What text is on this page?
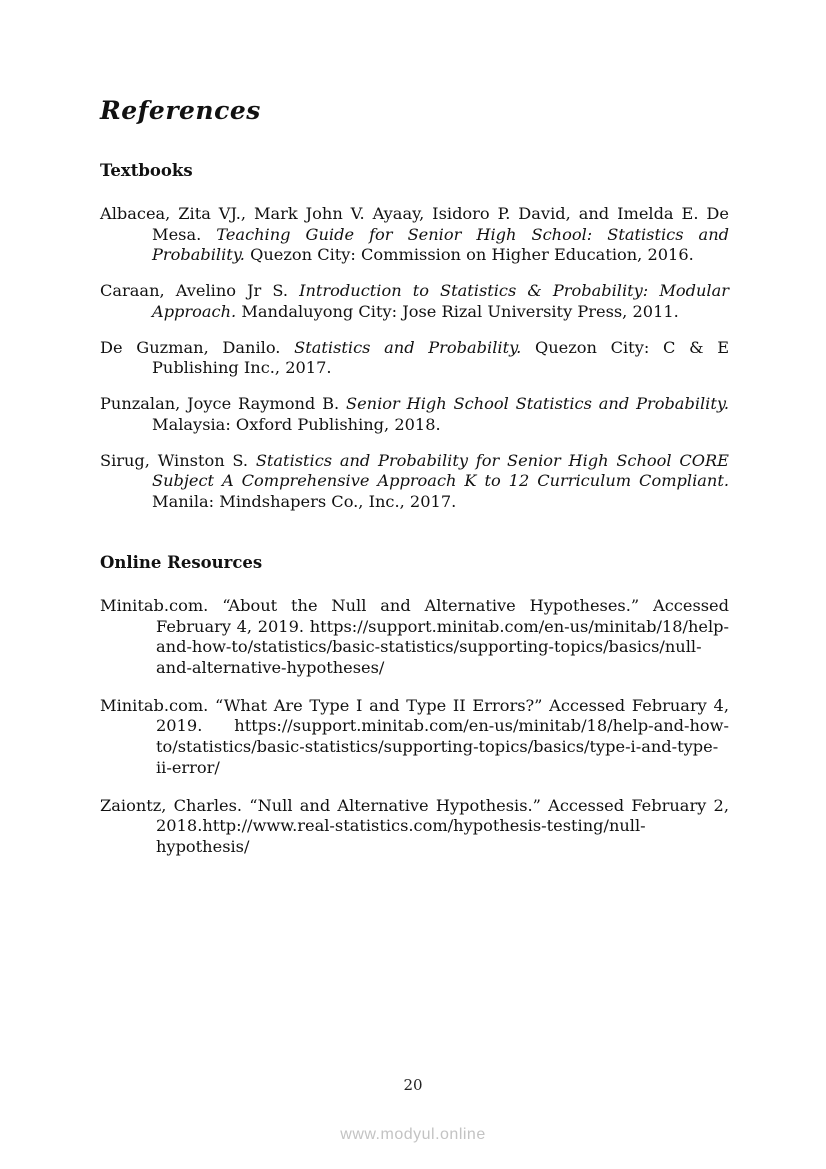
References
Textbooks

Albacea, Zita VJ., Mark John V. Ayaay, Isidoro P. David, and Imelda E. De Mesa. Teaching Guide for Senior High School: Statistics and Probability. Quezon City: Commission on Higher Education, 2016.

Caraan, Avelino Jr S. Introduction to Statistics & Probability: Modular Approach. Mandaluyong City: Jose Rizal University Press, 2011.

De Guzman, Danilo. Statistics and Probability. Quezon City: C & E Publishing Inc., 2017.

Punzalan, Joyce Raymond B. Senior High School Statistics and Probability. Malaysia: Oxford Publishing, 2018.

Sirug, Winston S. Statistics and Probability for Senior High School CORE Subject A Comprehensive Approach K to 12 Curriculum Compliant. Manila: Mindshapers Co., Inc., 2017.

Online Resources

Minitab.com. “About the Null and Alternative Hypotheses.” Accessed February 4, 2019. https://support.minitab.com/en-us/minitab/18/help-and-how-to/statistics/basic-statistics/supporting-topics/basics/null-and-alternative-hypotheses/

Minitab.com. “What Are Type I and Type II Errors?” Accessed February 4, 2019. https://support.minitab.com/en-us/minitab/18/help-and-how-to/statistics/basic-statistics/supporting-topics/basics/type-i-and-type-ii-error/

Zaiontz, Charles. “Null and Alternative Hypothesis.” Accessed February 2, 2018.http://www.real-statistics.com/hypothesis-testing/null-hypothesis/

20
www.modyul.online
